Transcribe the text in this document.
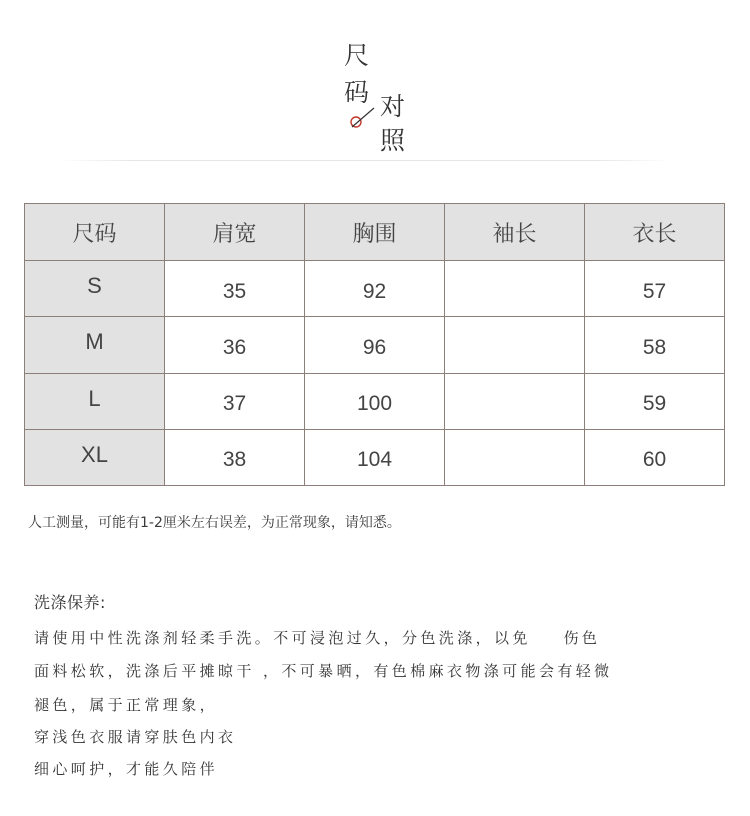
尺
码 对
照
尺码	肩宽	胸围	袖长	衣长
S	35	92		57
M	36	96		58
L	37	100		59
XL	38	104		60
人工测量，可能有1-2厘米左右误差，为正常现象，请知悉。
洗涤保养:
请使用中性洗涤剂轻柔手洗。不可浸泡过久，分色洗涤，以免    伤色
面料松软，洗涤后平摊晾干 ，不可暴晒，有色棉麻衣物涤可能会有轻微
褪色，属于正常理象，
穿浅色衣服请穿肤色内衣
细心呵护，才能久陪伴
